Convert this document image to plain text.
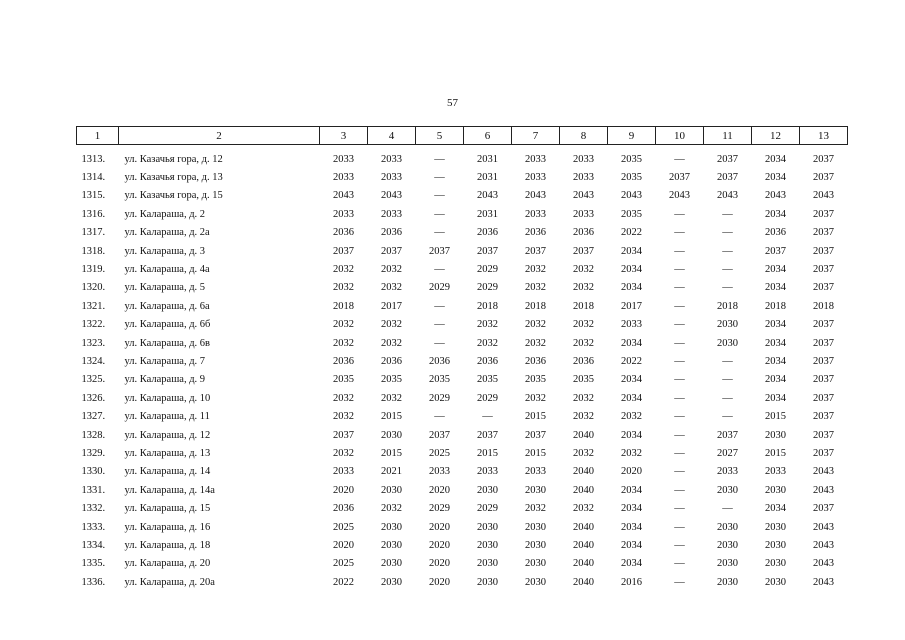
57
1	2	3	4	5	6	7	8	9	10	11	12	13

1313.	ул. Казачья гора, д. 12	2033	2033	—	2031	2033	2033	2035	—	2037	2034	2037
1314.	ул. Казачья гора, д. 13	2033	2033	—	2031	2033	2033	2035	2037	2037	2034	2037
1315.	ул. Казачья гора, д. 15	2043	2043	—	2043	2043	2043	2043	2043	2043	2043	2043
1316.	ул. Калараша, д. 2	2033	2033	—	2031	2033	2033	2035	—	—	2034	2037
1317.	ул. Калараша, д. 2а	2036	2036	—	2036	2036	2036	2022	—	—	2036	2037
1318.	ул. Калараша, д. 3	2037	2037	2037	2037	2037	2037	2034	—	—	2037	2037
1319.	ул. Калараша, д. 4а	2032	2032	—	2029	2032	2032	2034	—	—	2034	2037
1320.	ул. Калараша, д. 5	2032	2032	2029	2029	2032	2032	2034	—	—	2034	2037
1321.	ул. Калараша, д. 6а	2018	2017	—	2018	2018	2018	2017	—	2018	2018	2018
1322.	ул. Калараша, д. 6б	2032	2032	—	2032	2032	2032	2033	—	2030	2034	2037
1323.	ул. Калараша, д. 6в	2032	2032	—	2032	2032	2032	2034	—	2030	2034	2037
1324.	ул. Калараша, д. 7	2036	2036	2036	2036	2036	2036	2022	—	—	2034	2037
1325.	ул. Калараша, д. 9	2035	2035	2035	2035	2035	2035	2034	—	—	2034	2037
1326.	ул. Калараша, д. 10	2032	2032	2029	2029	2032	2032	2034	—	—	2034	2037
1327.	ул. Калараша, д. 11	2032	2015	—	—	2015	2032	2032	—	—	2015	2037
1328.	ул. Калараша, д. 12	2037	2030	2037	2037	2037	2040	2034	—	2037	2030	2037
1329.	ул. Калараша, д. 13	2032	2015	2025	2015	2015	2032	2032	—	2027	2015	2037
1330.	ул. Калараша, д. 14	2033	2021	2033	2033	2033	2040	2020	—	2033	2033	2043
1331.	ул. Калараша, д. 14а	2020	2030	2020	2030	2030	2040	2034	—	2030	2030	2043
1332.	ул. Калараша, д. 15	2036	2032	2029	2029	2032	2032	2034	—	—	2034	2037
1333.	ул. Калараша, д. 16	2025	2030	2020	2030	2030	2040	2034	—	2030	2030	2043
1334.	ул. Калараша, д. 18	2020	2030	2020	2030	2030	2040	2034	—	2030	2030	2043
1335.	ул. Калараша, д. 20	2025	2030	2020	2030	2030	2040	2034	—	2030	2030	2043
1336.	ул. Калараша, д. 20а	2022	2030	2020	2030	2030	2040	2016	—	2030	2030	2043
